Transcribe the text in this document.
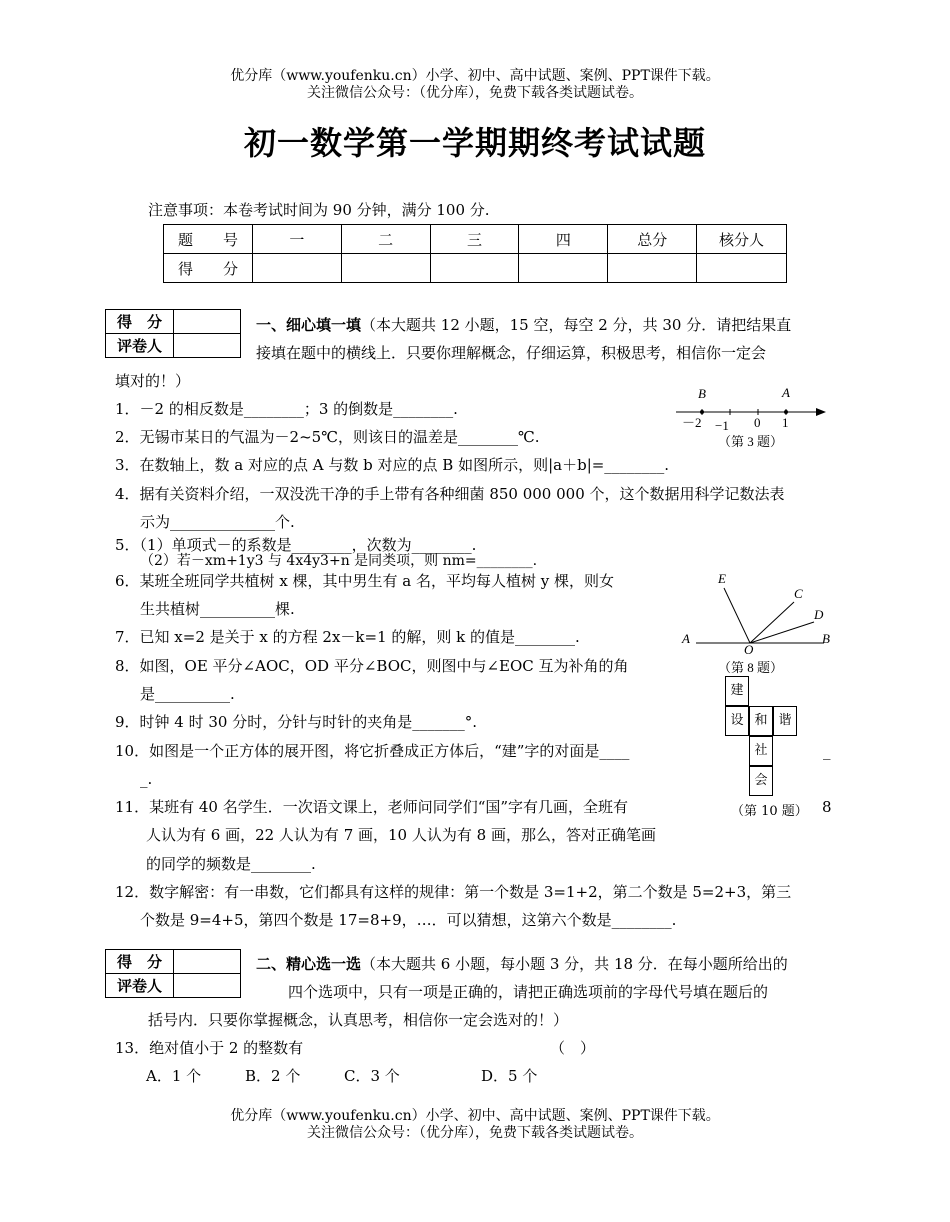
优分库（www.youfenku.cn）小学、初中、高中试题、案例、PPT课件下载。
关注微信公众号：（优分库），免费下载各类试题试卷。
初一数学第一学期期终考试试题
注意事项：本卷考试时间为 90 分钟，满分 100 分.
题　　号	一	二	三	四	总分	核分人
得　　分						
得　分	
评卷人	
一、细心填一填（本大题共 12 小题，15 空，每空 2 分，共 30 分．请把结果直
接填在题中的横线上．只要你理解概念，仔细运算，积极思考，相信你一定会
填对的！）
1．－2 的相反数是________；3 的倒数是________.
2．无锡市某日的气温为－2~5℃，则该日的温差是________℃.
3．在数轴上，数 a 对应的点 A 与数 b 对应的点 B 如图所示，则|a＋b|=________.
4．据有关资料介绍，一双没洗干净的手上带有各种细菌 850 000 000 个，这个数据用科学记数法表
示为______________个.
5．（1）单项式－的系数是________，次数为________.
（2）若－xm+1y3 与 4x4y3+n 是同类项，则 nm=________.
6．某班全班同学共植树 x 棵，其中男生有 a 名，平均每人植树 y 棵，则女
生共植树__________棵.
7．已知 x=2 是关于 x 的方程 2x－k=1 的解，则 k 的值是________.
8．如图，OE 平分∠AOC，OD 平分∠BOC，则图中与∠EOC 互为补角的角
是__________.
9．时钟 4 时 30 分时，分针与时针的夹角是_______°.
10．如图是一个正方体的展开图，将它折叠成正方体后，“建”字的对面是____	_
_.
11．某班有 40 名学生．一次语文课上，老师问同学们“国”字有几画，全班有	8
人认为有 6 画，22 人认为有 7 画，10 人认为有 8 画，那么，答对正确笔画
的同学的频数是________.
12．数字解密：有一串数，它们都具有这样的规律：第一个数是 3=1+2，第二个数是 5=2+3，第三
个数是 9=4+5，第四个数是 17=8+9，…．可以猜想，这第六个数是________.
B	A
－2 −1 0 1
（第 3 题）
E
C
D
A
O
B
（第 8 题）
建
设 和 谐
社
会
（第 10 题）
得　分	
评卷人	
二、精心选一选（本大题共 6 小题，每小题 3 分，共 18 分．在每小题所给出的
四个选项中，只有一项是正确的，请把正确选项前的字母代号填在题后的
括号内．只要你掌握概念，认真思考，相信你一定会选对的！）
13．绝对值小于 2 的整数有	（　）
A．1 个	B．2 个	C．3 个	D．5 个
优分库（www.youfenku.cn）小学、初中、高中试题、案例、PPT课件下载。
关注微信公众号：（优分库），免费下载各类试题试卷。
